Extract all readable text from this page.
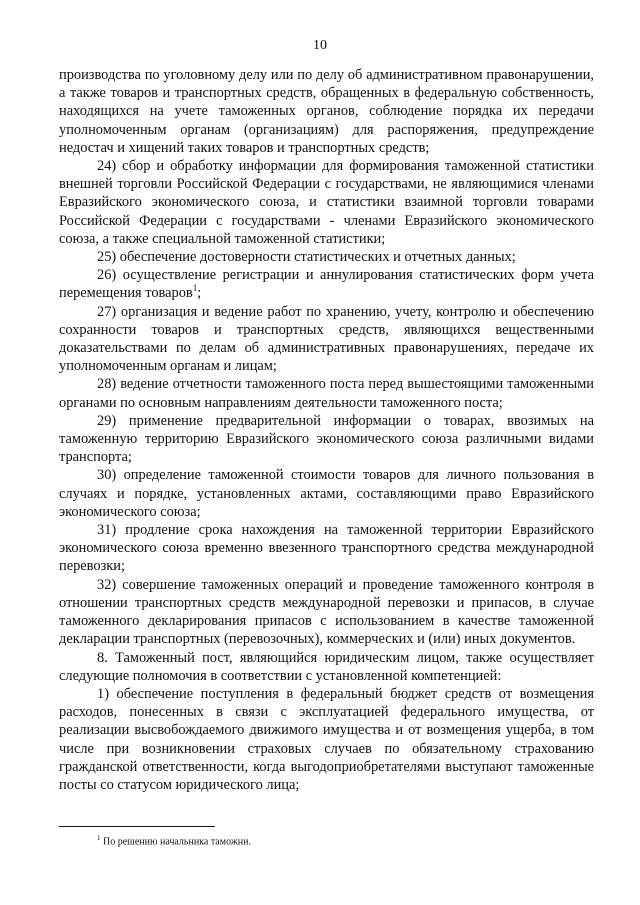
10

производства по уголовному делу или по делу об административном правонарушении, а также товаров и транспортных средств, обращенных в федеральную собственность, находящихся на учете таможенных органов, соблюдение порядка их передачи уполномоченным органам (организациям) для распоряжения, предупреждение недостач и хищений таких товаров и транспортных средств;

24) сбор и обработку информации для формирования таможенной статистики внешней торговли Российской Федерации с государствами, не являющимися членами Евразийского экономического союза, и статистики взаимной торговли товарами Российской Федерации с государствами - членами Евразийского экономического союза, а также специальной таможенной статистики;

25) обеспечение достоверности статистических и отчетных данных;

26) осуществление регистрации и аннулирования статистических форм учета перемещения товаров$^1$;

27) организация и ведение работ по хранению, учету, контролю и обеспечению сохранности товаров и транспортных средств, являющихся вещественными доказательствами по делам об административных правонарушениях, передаче их уполномоченным органам и лицам;

28) ведение отчетности таможенного поста перед вышестоящими таможенными органами по основным направлениям деятельности таможенного поста;

29) применение предварительной информации о товарах, ввозимых на таможенную территорию Евразийского экономического союза различными видами транспорта;

30) определение таможенной стоимости товаров для личного пользования в случаях и порядке, установленных актами, составляющими право Евразийского экономического союза;

31) продление срока нахождения на таможенной территории Евразийского экономического союза временно ввезенного транспортного средства международной перевозки;

32) совершение таможенных операций и проведение таможенного контроля в отношении транспортных средств международной перевозки и припасов, в случае таможенного декларирования припасов с использованием в качестве таможенной декларации транспортных (перевозочных), коммерческих и (или) иных документов.

8. Таможенный пост, являющийся юридическим лицом, также осуществляет следующие полномочия в соответствии с установленной компетенцией:

1) обеспечение поступления в федеральный бюджет средств от возмещения расходов, понесенных в связи с эксплуатацией федерального имущества, от реализации высвобождаемого движимого имущества и от возмещения ущерба, в том числе при возникновении страховых случаев по обязательному страхованию гражданской ответственности, когда выгодоприобретателями выступают таможенные посты со статусом юридического лица;

$^1$ По решению начальника таможни.
